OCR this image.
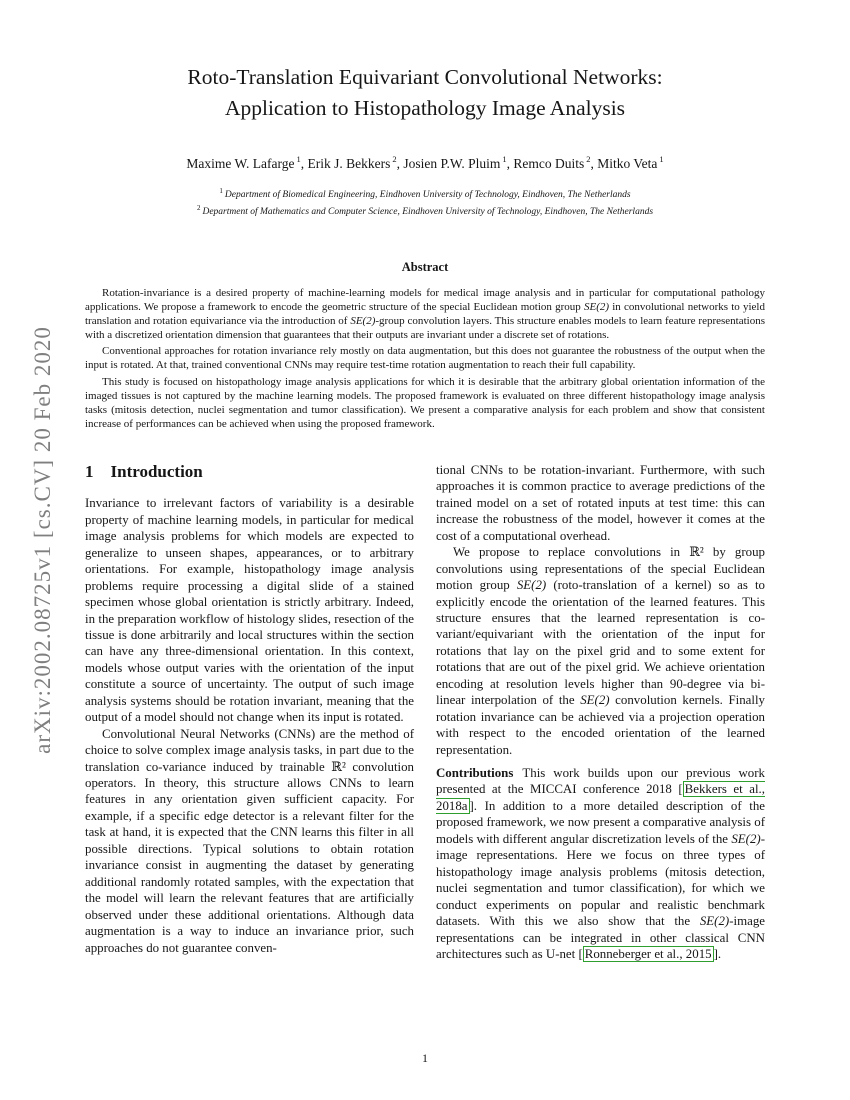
arXiv:2002.08725v1 [cs.CV] 20 Feb 2020
Roto-Translation Equivariant Convolutional Networks:
Application to Histopathology Image Analysis
Maxime W. Lafarge $^1$, Erik J. Bekkers $^2$, Josien P.W. Pluim $^1$, Remco Duits $^2$, Mitko Veta $^1$
$^1$ Department of Biomedical Engineering, Eindhoven University of Technology, Eindhoven, The Netherlands
$^2$ Department of Mathematics and Computer Science, Eindhoven University of Technology, Eindhoven, The Netherlands
Abstract

Rotation-invariance is a desired property of machine-learning models for medical image analysis and in particular for computational pathology applications. We propose a framework to encode the geometric structure of the special Euclidean motion group SE(2) in convolutional networks to yield translation and rotation equivariance via the introduction of SE(2)-group convolution layers. This structure enables models to learn feature representations with a discretized orientation dimension that guarantees that their outputs are invariant under a discrete set of rotations.

Conventional approaches for rotation invariance rely mostly on data augmentation, but this does not guarantee the robustness of the output when the input is rotated. At that, trained conventional CNNs may require test-time rotation augmentation to reach their full capability.

This study is focused on histopathology image analysis applications for which it is desirable that the arbitrary global orientation information of the imaged tissues is not captured by the machine learning models. The proposed framework is evaluated on three different histopathology image analysis tasks (mitosis detection, nuclei segmentation and tumor classification). We present a comparative analysis for each problem and show that consistent increase of performances can be achieved when using the proposed framework.

1 Introduction

Invariance to irrelevant factors of variability is a desirable property of machine learning models, in particular for medical image analysis problems for which models are expected to generalize to unseen shapes, appearances, or to arbitrary orientations. For example, histopathology image analysis problems require processing a digital slide of a stained specimen whose global orientation is strictly arbitrary. Indeed, in the preparation workflow of histology slides, resection of the tissue is done arbitrarily and local structures within the section can have any three-dimensional orientation. In this context, models whose output varies with the orientation of the input constitute a source of uncertainty. The output of such image analysis systems should be rotation invariant, meaning that the output of a model should not change when its input is rotated.

Convolutional Neural Networks (CNNs) are the method of choice to solve complex image analysis tasks, in part due to the translation co-variance induced by trainable ℝ² convolution operators. In theory, this structure allows CNNs to learn features in any orientation given sufficient capacity. For example, if a specific edge detector is a relevant filter for the task at hand, it is expected that the CNN learns this filter in all possible directions. Typical solutions to obtain rotation invariance consist in augmenting the dataset by generating additional randomly rotated samples, with the expectation that the model will learn the relevant features that are artificially observed under these additional orientations. Although data augmentation is a way to induce an invariance prior, such approaches do not guarantee conven-

tional CNNs to be rotation-invariant. Furthermore, with such approaches it is common practice to average predictions of the trained model on a set of rotated inputs at test time: this can increase the robustness of the model, however it comes at the cost of a computational overhead.

We propose to replace convolutions in ℝ² by group convolutions using representations of the special Euclidean motion group SE(2) (roto-translation of a kernel) so as to explicitly encode the orientation of the learned features. This structure ensures that the learned representation is co-variant/equivariant with the orientation of the input for rotations that lay on the pixel grid and to some extent for rotations that are out of the pixel grid. We achieve orientation encoding at resolution levels higher than 90-degree via bi-linear interpolation of the SE(2) convolution kernels. Finally rotation invariance can be achieved via a projection operation with respect to the encoded orientation of the learned representation.

Contributions This work builds upon our previous work presented at the MICCAI conference 2018 [ Bekkers et al., 2018a ]. In addition to a more detailed description of the proposed framework, we now present a comparative analysis of models with different angular discretization levels of the SE(2)-image representations. Here we focus on three types of histopathology image analysis problems (mitosis detection, nuclei segmentation and tumor classification), for which we conduct experiments on popular and realistic benchmark datasets. With this we also show that the SE(2)-image representations can be integrated in other classical CNN architectures such as U-net [ Ronneberger et al., 2015 ].

1
